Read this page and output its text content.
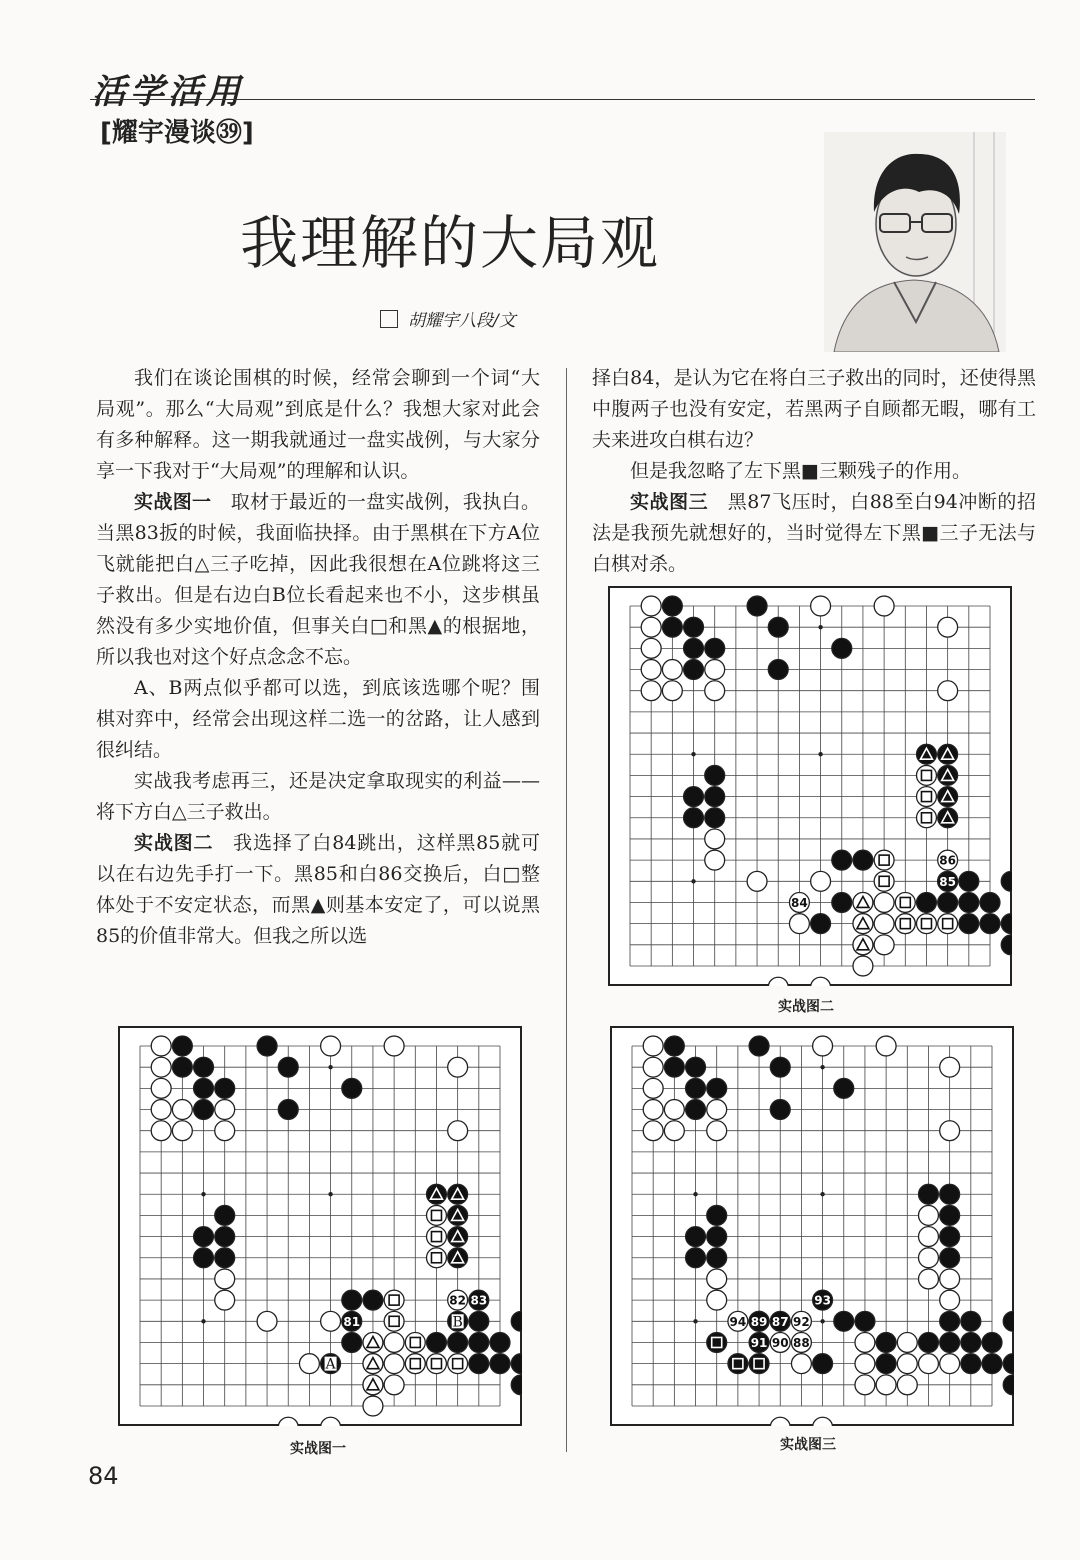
活学活用
[耀宇漫谈㊴]
我理解的大局观
胡耀宇八段/文

我们在谈论围棋的时候，经常会聊到一个词“大局观”。那么“大局观”到底是什么？我想大家对此会有多种解释。这一期我就通过一盘实战例，与大家分享一下我对于“大局观”的理解和认识。

实战图一　取材于最近的一盘实战例，我执白。当黑83扳的时候，我面临抉择。由于黑棋在下方A位飞就能把白△三子吃掉，因此我很想在A位跳将这三子救出。但是右边白B位长看起来也不小，这步棋虽然没有多少实地价值，但事关白□和黑▲的根据地，所以我也对这个好点念念不忘。

A、B两点似乎都可以选，到底该选哪个呢？围棋对弈中，经常会出现这样二选一的岔路，让人感到很纠结。

实战我考虑再三，还是决定拿取现实的利益——将下方白△三子救出。

实战图二　我选择了白84跳出，这样黑85就可以在右边先手打一下。黑85和白86交换后，白□整体处于不安定状态，而黑▲则基本安定了，可以说黑85的价值非常大。但我之所以选

择白84，是认为它在将白三子救出的同时，还使得黑中腹两子也没有安定，若黑两子自顾都无暇，哪有工夫来进攻白棋右边？

但是我忽略了左下黑■三颗残子的作用。

实战图三　黑87飞压时，白88至白94冲断的招法是我预先就想好的，当时觉得左下黑■三子无法与白棋对杀。

84
86
85
实战图二
81
82 83
A
B
实战图一
93
94 89 87 92
91 90 88
实战图三
84
